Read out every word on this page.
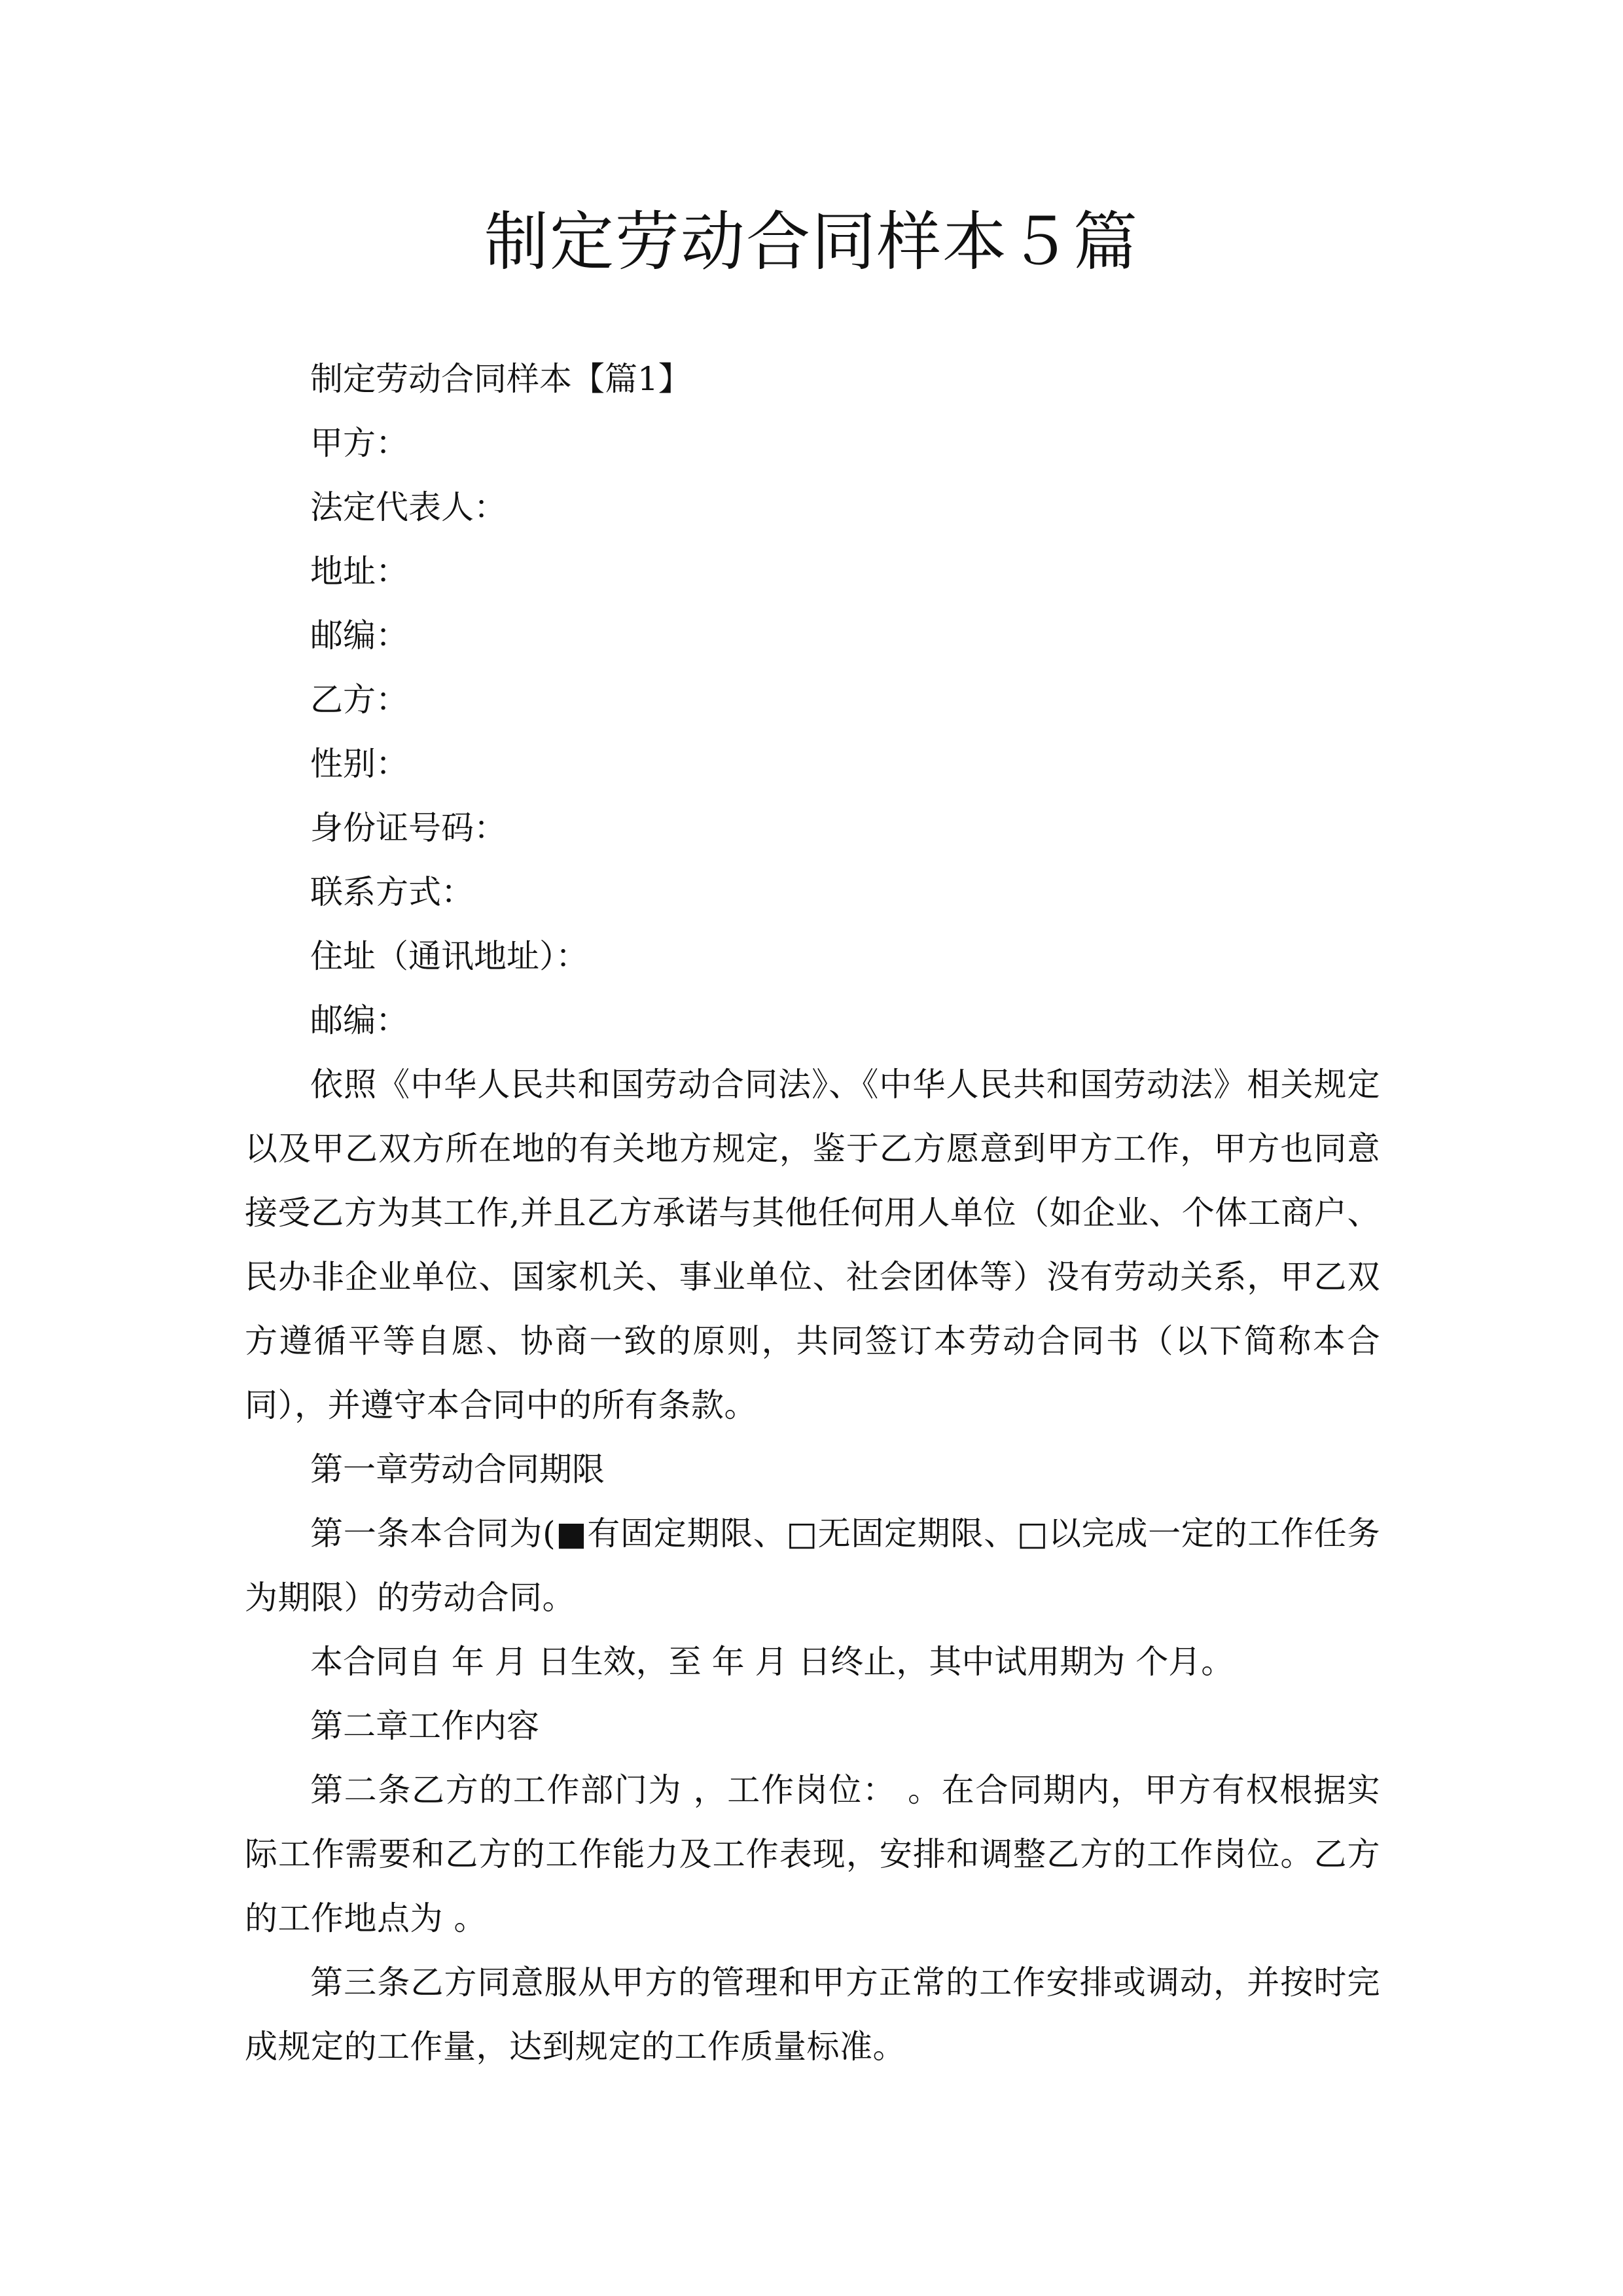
制定劳动合同样本５篇

制定劳动合同样本【篇1】

甲方：

法定代表人：

地址：

邮编：

乙方：

性别：

身份证号码：

联系方式：

住址（通讯地址）：

邮编：

依照《中华人民共和国劳动合同法》、《中华人民共和国劳动法》相关规定以及甲乙双方所在地的有关地方规定，鉴于乙方愿意到甲方工作，甲方也同意接受乙方为其工作,并且乙方承诺与其他任何用人单位（如企业、个体工商户、民办非企业单位、国家机关、事业单位、社会团体等）没有劳动关系，甲乙双方遵循平等自愿、协商一致的原则，共同签订本劳动合同书（以下简称本合同），并遵守本合同中的所有条款。

第一章劳动合同期限

第一条本合同为(■有固定期限、□无固定期限、□以完成一定的工作任务为期限）的劳动合同。

本合同自 年 月 日生效，至 年 月 日终止，其中试用期为 个月。

第二章工作内容

第二条乙方的工作部门为 ，工作岗位： 。在合同期内，甲方有权根据实际工作需要和乙方的工作能力及工作表现，安排和调整乙方的工作岗位。乙方的工作地点为 。

第三条乙方同意服从甲方的管理和甲方正常的工作安排或调动，并按时完成规定的工作量，达到规定的工作质量标准。
